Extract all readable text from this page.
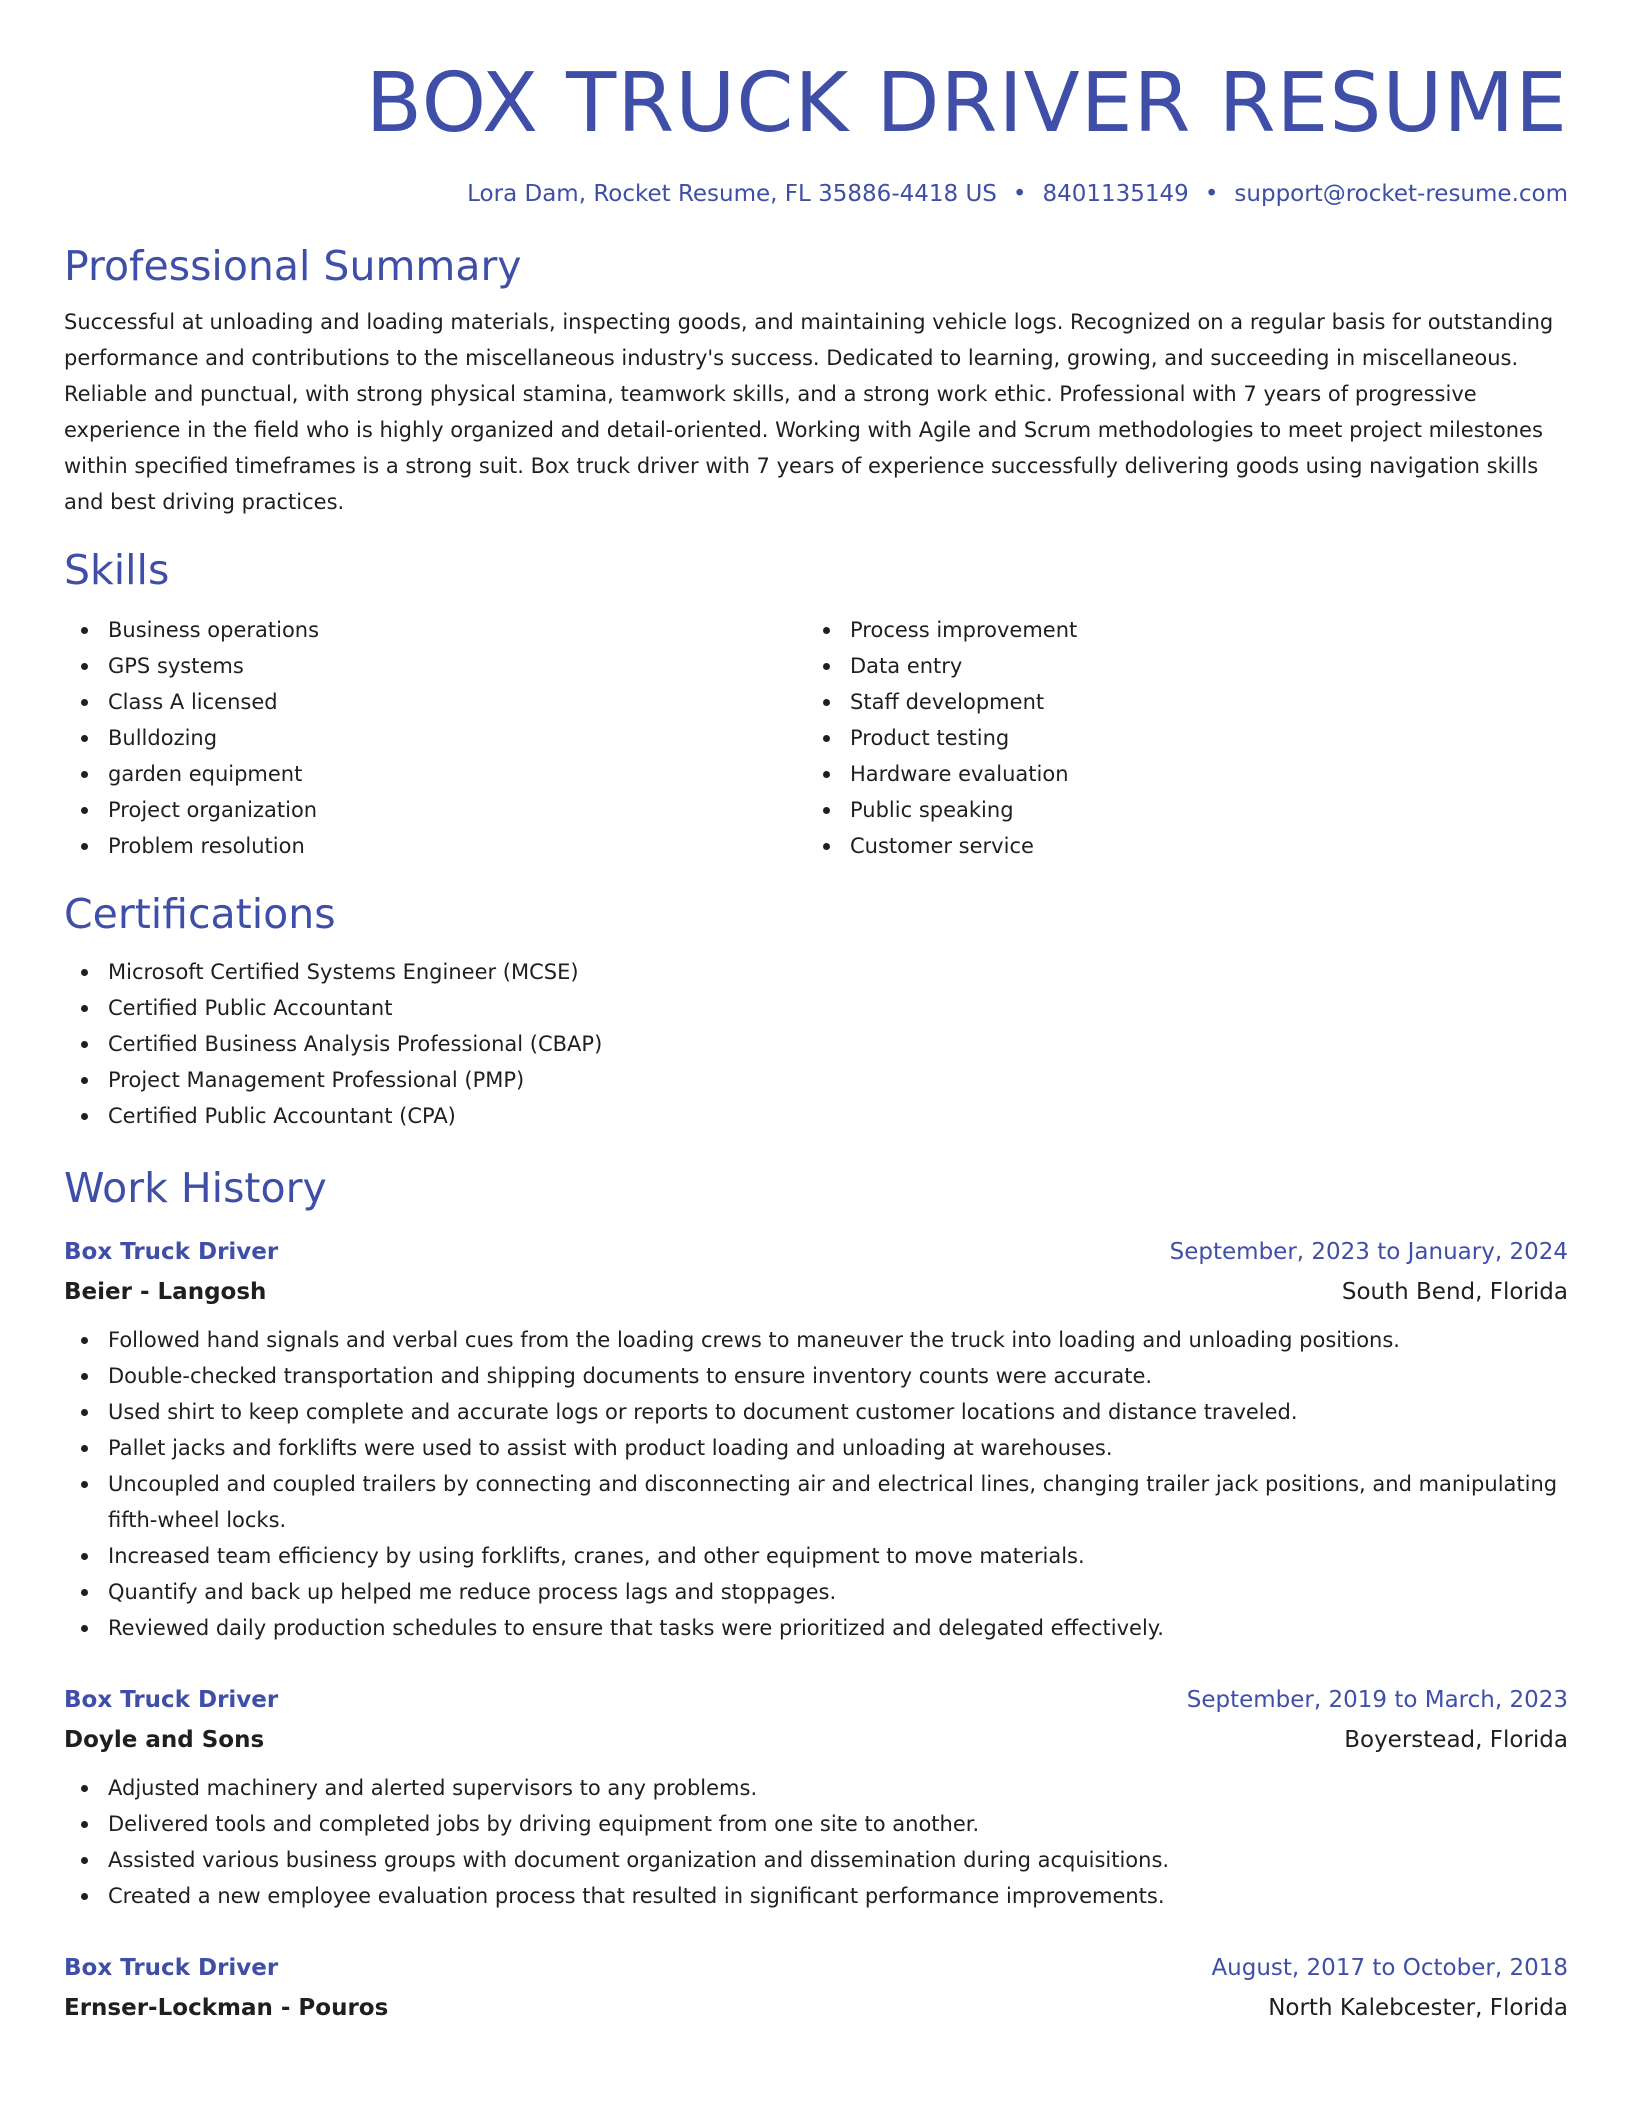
BOX TRUCK DRIVER RESUME
Lora Dam, Rocket Resume, FL 35886-4418 US • 8401135149 • support@rocket-resume.com
Professional Summary

Successful at unloading and loading materials, inspecting goods, and maintaining vehicle logs. Recognized on a regular basis for outstanding performance and contributions to the miscellaneous industry's success. Dedicated to learning, growing, and succeeding in miscellaneous. Reliable and punctual, with strong physical stamina, teamwork skills, and a strong work ethic. Professional with 7 years of progressive experience in the field who is highly organized and detail-oriented. Working with Agile and Scrum methodologies to meet project milestones within specified timeframes is a strong suit. Box truck driver with 7 years of experience successfully delivering goods using navigation skills and best driving practices.

Skills
Business operations
GPS systems
Class A licensed
Bulldozing
garden equipment
Project organization
Problem resolution
Process improvement
Data entry
Staff development
Product testing
Hardware evaluation
Public speaking
Customer service
Certifications
Microsoft Certified Systems Engineer (MCSE)
Certified Public Accountant
Certified Business Analysis Professional (CBAP)
Project Management Professional (PMP)
Certified Public Accountant (CPA)
Work History
Box Truck Driver	September, 2023 to January, 2024
Beier - Langosh	South Bend, Florida
Followed hand signals and verbal cues from the loading crews to maneuver the truck into loading and unloading positions.
Double-checked transportation and shipping documents to ensure inventory counts were accurate.
Used shirt to keep complete and accurate logs or reports to document customer locations and distance traveled.
Pallet jacks and forklifts were used to assist with product loading and unloading at warehouses.
Uncoupled and coupled trailers by connecting and disconnecting air and electrical lines, changing trailer jack positions, and manipulating fifth-wheel locks.
Increased team efficiency by using forklifts, cranes, and other equipment to move materials.
Quantify and back up helped me reduce process lags and stoppages.
Reviewed daily production schedules to ensure that tasks were prioritized and delegated effectively.
Box Truck Driver	September, 2019 to March, 2023
Doyle and Sons	Boyerstead, Florida
Adjusted machinery and alerted supervisors to any problems.
Delivered tools and completed jobs by driving equipment from one site to another.
Assisted various business groups with document organization and dissemination during acquisitions.
Created a new employee evaluation process that resulted in significant performance improvements.
Box Truck Driver	August, 2017 to October, 2018
Ernser-Lockman - Pouros	North Kalebcester, Florida
